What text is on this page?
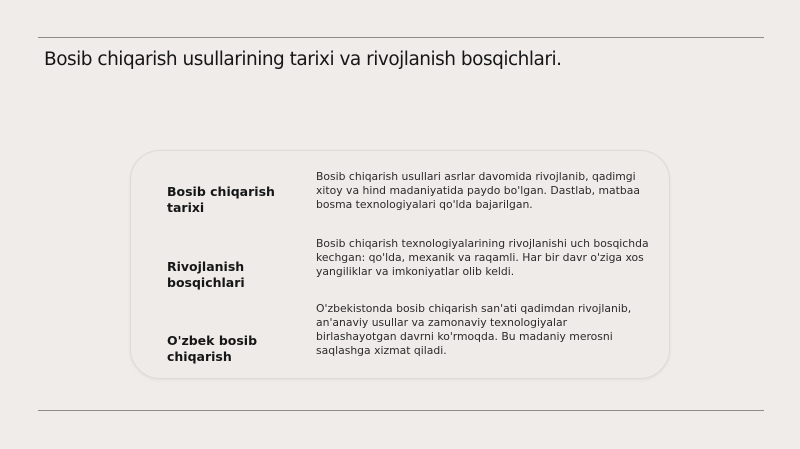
Bosib chiqarish usullarining tarixi va rivojlanish bosqichlari.
Bosib chiqarish tarixi
Bosib chiqarish usullari asrlar davomida rivojlanib, qadimgi xitoy va hind madaniyatida paydo bo'lgan. Dastlab, matbaa bosma texnologiyalari qo'lda bajarilgan.
Rivojlanish bosqichlari
Bosib chiqarish texnologiyalarining rivojlanishi uch bosqichda kechgan: qo'lda, mexanik va raqamli. Har bir davr o'ziga xos yangiliklar va imkoniyatlar olib keldi.
O'zbek bosib chiqarish
O'zbekistonda bosib chiqarish san'ati qadimdan rivojlanib, an'anaviy usullar va zamonaviy texnologiyalar birlashayotgan davrni ko'rmoqda. Bu madaniy merosni saqlashga xizmat qiladi.
